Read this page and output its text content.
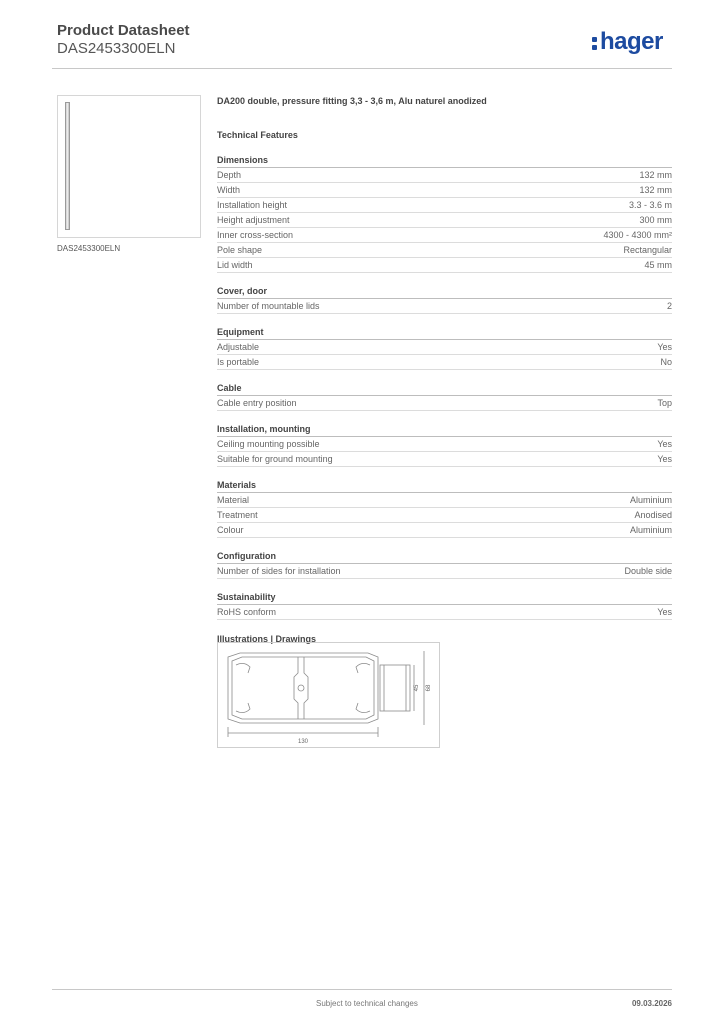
Product Datasheet
DAS2453300ELN	hager
DAS2453300ELN
DA200 double, pressure fitting 3,3 - 3,6 m, Alu naturel anodized
Technical Features
Dimensions
Depth	132 mm
Width	132 mm
Installation height	3.3 - 3.6 m
Height adjustment	300 mm
Inner cross-section	4300 - 4300 mm²
Pole shape	Rectangular
Lid width	45 mm
Cover, door
Number of mountable lids	2
Equipment
Adjustable	Yes
Is portable	No
Cable
Cable entry position	Top
Installation, mounting
Ceiling mounting possible	Yes
Suitable for ground mounting	Yes
Materials
Material	Aluminium
Treatment	Anodised
Colour	Aluminium
Configuration
Number of sides for installation	Double side
Sustainability
RoHS conform	Yes
Illustrations | Drawings
130
45 68
Subject to technical changes	09.03.2026
